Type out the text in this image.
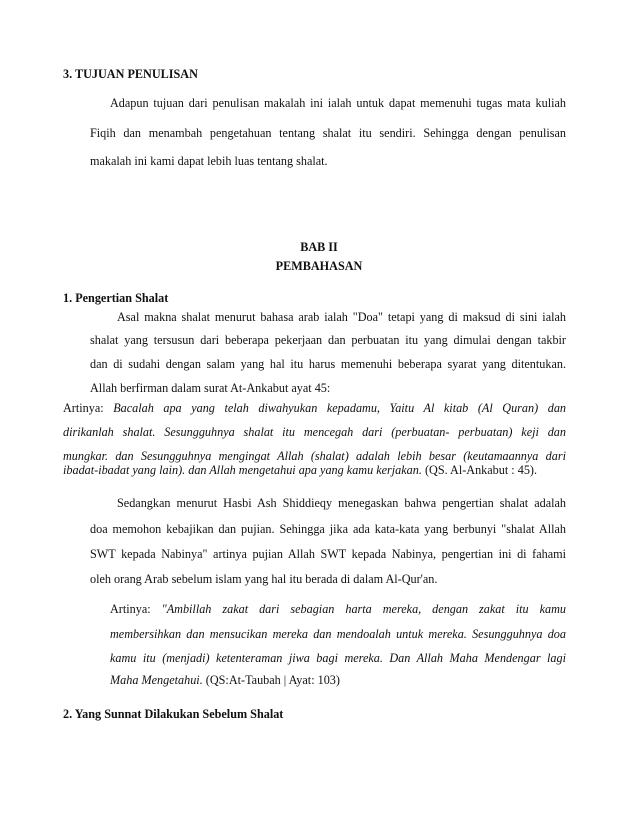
3. TUJUAN PENULISAN
Adapun tujuan dari penulisan makalah ini ialah untuk dapat memenuhi tugas mata kuliah
Fiqih dan menambah pengetahuan tentang shalat itu sendiri. Sehingga dengan penulisan
makalah ini kami dapat lebih luas tentang shalat.
BAB II
PEMBAHASAN
1. Pengertian Shalat
Asal makna shalat menurut bahasa arab ialah "Doa" tetapi yang di maksud di sini ialah
shalat yang tersusun dari beberapa pekerjaan dan perbuatan itu yang dimulai dengan takbir
dan di sudahi dengan salam yang hal itu harus memenuhi beberapa syarat yang ditentukan.
Allah berfirman dalam surat At-Ankabut ayat 45:
Artinya: Bacalah apa yang telah diwahyukan kepadamu, Yaitu Al kitab (Al Quran) dan
dirikanlah shalat. Sesungguhnya shalat itu mencegah dari (perbuatan- perbuatan) keji dan
mungkar. dan Sesungguhnya mengingat Allah (shalat) adalah lebih besar (keutamaannya dari
ibadat-ibadat yang lain). dan Allah mengetahui apa yang kamu kerjakan. (QS. Al-Ankabut : 45).
Sedangkan menurut Hasbi Ash Shiddieqy menegaskan bahwa pengertian shalat adalah
doa memohon kebajikan dan pujian. Sehingga jika ada kata-kata yang berbunyi "shalat Allah
SWT kepada Nabinya" artinya pujian Allah SWT kepada Nabinya, pengertian ini di fahami
oleh orang Arab sebelum islam yang hal itu berada di dalam Al-Qur'an.
Artinya: "Ambillah zakat dari sebagian harta mereka, dengan zakat itu kamu
membersihkan dan mensucikan mereka dan mendoalah untuk mereka. Sesungguhnya doa
kamu itu (menjadi) ketenteraman jiwa bagi mereka. Dan Allah Maha Mendengar lagi
Maha Mengetahui. (QS:At-Taubah | Ayat: 103)
2. Yang Sunnat Dilakukan Sebelum Shalat
